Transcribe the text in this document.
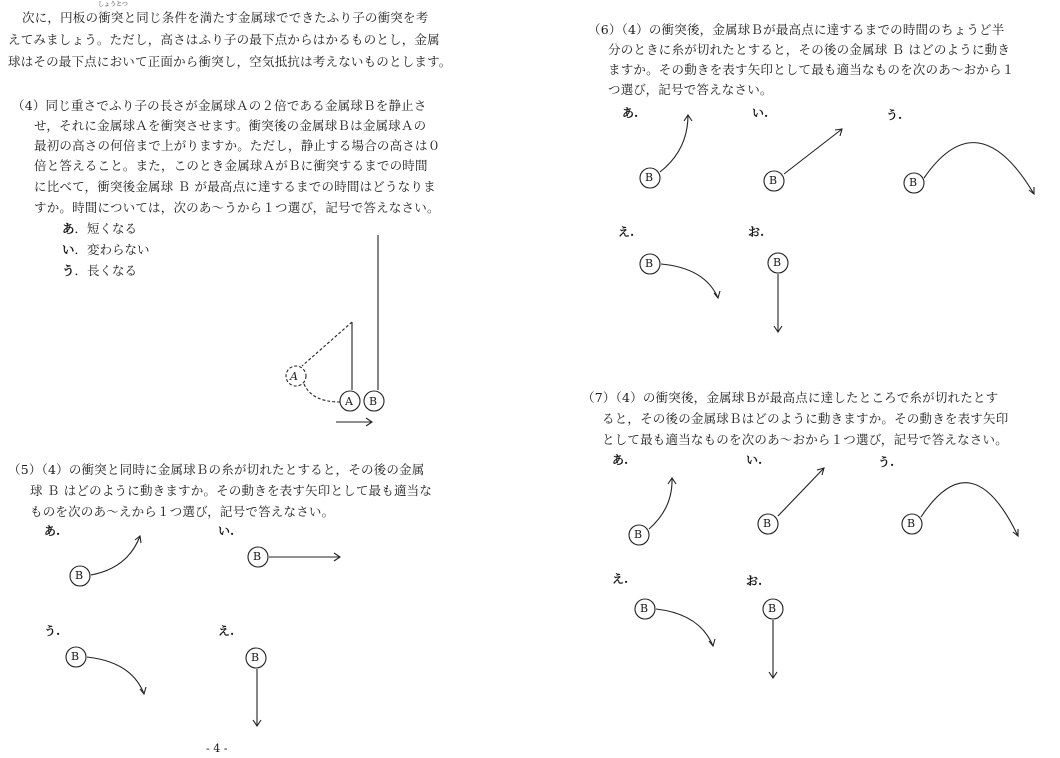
しょうとつ
次に，円板の衝突と同じ条件を満たす金属球でできたふり子の衝突を考
えてみましょう。ただし，高さはふり子の最下点からはかるものとし，金属
球はその最下点において正面から衝突し，空気抵抗は考えないものとします。
（4）同じ重さでふり子の長さが金属球Ａの２倍である金属球Ｂを静止さ
せ，それに金属球Ａを衝突させます。衝突後の金属球Ｂは金属球Ａの
最初の高さの何倍まで上がりますか。ただし，静止する場合の高さは０
倍と答えること。また，このとき金属球ＡがＢに衝突するまでの時間
に比べて，衝突後金属球 Ｂ が最高点に達するまでの時間はどうなりま
すか。時間については，次のあ～うから１つ選び，記号で答えなさい。
あ．短くなる
い．変わらない
う．長くなる
A
A B
（5）（4）の衝突と同時に金属球Ｂの糸が切れたとすると，その後の金属
球 Ｂ はどのように動きますか。その動きを表す矢印として最も適当な
ものを次のあ～えから１つ選び，記号で答えなさい。
あ.	い.
う.	え.
B
B
B	B
- 4 -
（6）（4）の衝突後，金属球Ｂが最高点に達するまでの時間のちょうど半
分のときに糸が切れたとすると，その後の金属球 Ｂ はどのように動き
ますか。その動きを表す矢印として最も適当なものを次のあ～おから１
つ選び，記号で答えなさい。
あ.	い.	う.
え.	お.
B	B	B
B	B
（7）（4）の衝突後，金属球Ｂが最高点に達したところで糸が切れたとす
ると，その後の金属球Ｂはどのように動きますか。その動きを表す矢印
として最も適当なものを次のあ～おから１つ選び，記号で答えなさい。
あ.	い.	う.
え.	お.
B
B	B
B	B
